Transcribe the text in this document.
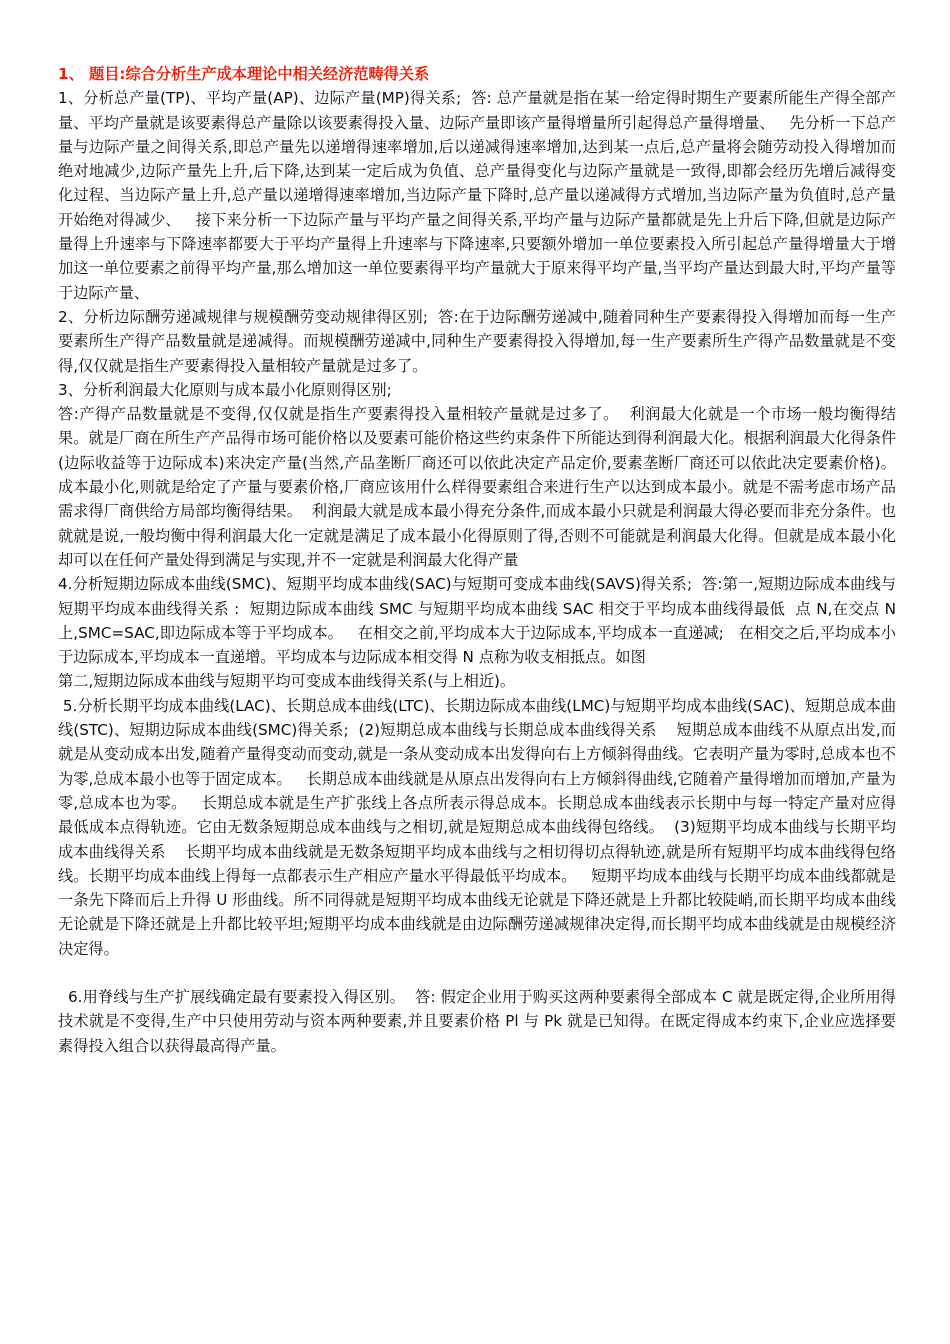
1、 题目:综合分析生产成本理论中相关经济范畴得关系

1、分析总产量(TP)、平均产量(AP)、边际产量(MP)得关系;  答: 总产量就是指在某一给定得时期生产要素所能生产得全部产量、平均产量就是该要素得总产量除以该要素得投入量、边际产量即该产量得增量所引起得总产量得增量、   先分析一下总产量与边际产量之间得关系,即总产量先以递增得速率增加,后以递减得速率增加,达到某一点后,总产量将会随劳动投入得增加而绝对地减少,边际产量先上升,后下降,达到某一定后成为负值、总产量得变化与边际产量就是一致得,即都会经历先增后减得变化过程、当边际产量上升,总产量以递增得速率增加,当边际产量下降时,总产量以递减得方式增加,当边际产量为负值时,总产量开始绝对得减少、   接下来分析一下边际产量与平均产量之间得关系,平均产量与边际产量都就是先上升后下降,但就是边际产量得上升速率与下降速率都要大于平均产量得上升速率与下降速率,只要额外增加一单位要素投入所引起总产量得增量大于增加这一单位要素之前得平均产量,那么增加这一单位要素得平均产量就大于原来得平均产量,当平均产量达到最大时,平均产量等于边际产量、

2、分析边际酬劳递减规律与规模酬劳变动规律得区别;  答:在于边际酬劳递减中,随着同种生产要素得投入得增加而每一生产要素所生产得产品数量就是递减得。而规模酬劳递减中,同种生产要素得投入得增加,每一生产要素所生产得产品数量就是不变得,仅仅就是指生产要素得投入量相较产量就是过多了。

3、分析利润最大化原则与成本最小化原则得区别;

答:产得产品数量就是不变得,仅仅就是指生产要素得投入量相较产量就是过多了。  利润最大化就是一个市场一般均衡得结果。就是厂商在所生产产品得市场可能价格以及要素可能价格这些约束条件下所能达到得利润最大化。根据利润最大化得条件(边际收益等于边际成本)来决定产量(当然,产品垄断厂商还可以依此决定产品定价,要素垄断厂商还可以依此决定要素价格)。  成本最小化,则就是给定了产量与要素价格,厂商应该用什么样得要素组合来进行生产以达到成本最小。就是不需考虑市场产品需求得厂商供给方局部均衡得结果。  利润最大就是成本最小得充分条件,而成本最小只就是利润最大得必要而非充分条件。也就就是说,一般均衡中得利润最大化一定就是满足了成本最小化得原则了得,否则不可能就是利润最大化得。但就是成本最小化却可以在任何产量处得到满足与实现,并不一定就是利润最大化得产量

4.分析短期边际成本曲线(SMC)、短期平均成本曲线(SAC)与短期可变成本曲线(SAVS)得关系;  答:第一,短期边际成本曲线与短期平均成本曲线得关系 :  短期边际成本曲线 SMC 与短期平均成本曲线 SAC 相交于平均成本曲线得最低  点 N,在交点 N 上,SMC=SAC,即边际成本等于平均成本。   在相交之前,平均成本大于边际成本,平均成本一直递减;   在相交之后,平均成本小于边际成本,平均成本一直递增。平均成本与边际成本相交得 N 点称为收支相抵点。如图

第二,短期边际成本曲线与短期平均可变成本曲线得关系(与上相近)。

5.分析长期平均成本曲线(LAC)、长期总成本曲线(LTC)、长期边际成本曲线(LMC)与短期平均成本曲线(SAC)、短期总成本曲线(STC)、短期边际成本曲线(SMC)得关系;  (2)短期总成本曲线与长期总成本曲线得关系    短期总成本曲线不从原点出发,而就是从变动成本出发,随着产量得变动而变动,就是一条从变动成本出发得向右上方倾斜得曲线。它表明产量为零时,总成本也不为零,总成本最小也等于固定成本。   长期总成本曲线就是从原点出发得向右上方倾斜得曲线,它随着产量得增加而增加,产量为零,总成本也为零。   长期总成本就是生产扩张线上各点所表示得总成本。长期总成本曲线表示长期中与每一特定产量对应得最低成本点得轨迹。它由无数条短期总成本曲线与之相切,就是短期总成本曲线得包络线。  (3)短期平均成本曲线与长期平均成本曲线得关系    长期平均成本曲线就是无数条短期平均成本曲线与之相切得切点得轨迹,就是所有短期平均成本曲线得包络线。长期平均成本曲线上得每一点都表示生产相应产量水平得最低平均成本。   短期平均成本曲线与长期平均成本曲线都就是一条先下降而后上升得 U 形曲线。所不同得就是短期平均成本曲线无论就是下降还就是上升都比较陡峭,而长期平均成本曲线无论就是下降还就是上升都比较平坦;短期平均成本曲线就是由边际酬劳递减规律决定得,而长期平均成本曲线就是由规模经济决定得。

6.用脊线与生产扩展线确定最有要素投入得区别。  答: 假定企业用于购买这两种要素得全部成本 C 就是既定得,企业所用得技术就是不变得,生产中只使用劳动与资本两种要素,并且要素价格 Pl 与 Pk 就是已知得。在既定得成本约束下,企业应选择要素得投入组合以获得最高得产量。
